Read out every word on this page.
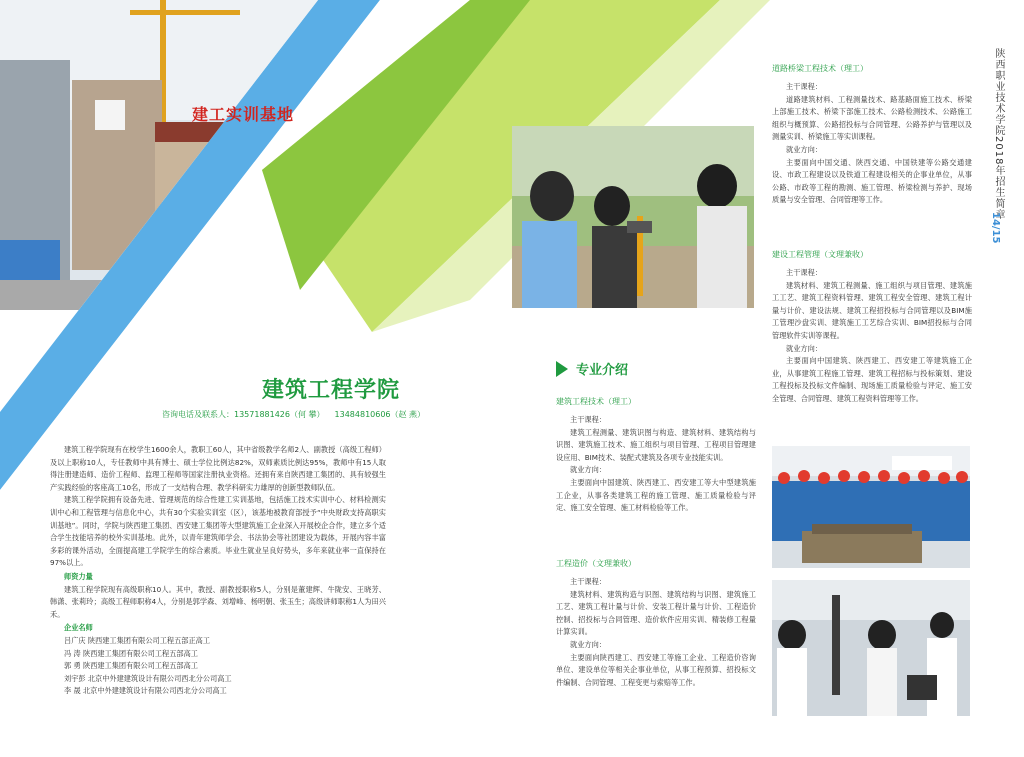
建工实训基地
建筑工程学院
咨询电话及联系人：13571881426（何 攀） 13484810606（赵 燕）

建筑工程学院现有在校学生1600余人，教职工60人，其中省级教学名师2人、副教授（高级工程师）及以上职称10人，专任教师中具有博士、硕士学位比例达82%，双师素质比例达95%，教师中有15人取得注册建造师、造价工程师、监理工程师等国家注册执业资格。还拥有来自陕西建工集团的、具有较强生产实践经验的客座高工10名，形成了一支结构合理、教学科研实力雄厚的创新型教师队伍。

建筑工程学院拥有设备先进、管理规范的综合性建工实训基地，包括施工技术实训中心、材料检测实训中心和工程管理与信息化中心，共有30个实验实训室（区），该基地被教育部授予“中央财政支持高职实训基地”。同时，学院与陕西建工集团、西安建工集团等大型建筑施工企业深入开展校企合作，建立多个适合学生技能培养的校外实训基地。此外，以青年建筑师学会、书法协会等社团建设为载体，开展内容丰富多彩的课外活动，全面提高建工学院学生的综合素质。毕业生就业呈良好势头，多年来就业率一直保持在97%以上。

师资力量

建筑工程学院现有高级职称10人。其中，教授、副教授职称5人，分别是董建辉、牛陇安、王晓芳、韩潇、张莉玲；高级工程师职称4人，分别是郭学森、刘增峰、杨明朝、张玉生；高级讲师职称1人为田兴禾。

企业名师

吕广庆 陕西建工集团有限公司工程五部正高工

冯 涛 陕西建工集团有限公司工程五部高工

郭 勇 陕西建工集团有限公司工程五部高工

刘宇彭 北京中外建建筑设计有限公司西北分公司高工

李 晟 北京中外建建筑设计有限公司西北分公司高工

专业介绍
建筑工程技术（理工）
主干课程：
建筑工程测量、建筑识图与构造、建筑材料、建筑结构与识图、建筑施工技术、施工组织与项目管理、工程项目管理建设应用、BIM技术、装配式建筑及各项专业技能实训。
就业方向：
主要面向中国建筑、陕西建工、西安建工等大中型建筑施工企业，从事各类建筑工程的施工管理、施工质量检验与评定、施工安全管理、施工材料检验等工作。
工程造价（文理兼收）
主干课程：
建筑材料、建筑构造与识图、建筑结构与识图、建筑施工工艺、建筑工程计量与计价、安装工程计量与计价、工程造价控制、招投标与合同管理、造价软件应用实训、精装修工程量计算实训。
就业方向：
主要面向陕西建工、西安建工等施工企业、工程造价咨询单位、建设单位等相关企事业单位，从事工程预算、招投标文件编制、合同管理、工程变更与索赔等工作。
道路桥梁工程技术（理工）
主干课程：
道路建筑材料、工程测量技术、路基路面施工技术、桥梁上部施工技术、桥梁下部施工技术、公路检测技术、公路施工组织与概预算、公路招投标与合同管理、公路养护与管理以及测量实训、桥梁施工等实训课程。
就业方向：
主要面向中国交通、陕西交通、中国铁建等公路交通建设、市政工程建设以及铁道工程建设相关的企事业单位，从事公路、市政等工程的勘测、施工管理、桥梁检测与养护、现场质量与安全管理、合同管理等工作。
建设工程管理（文理兼收）
主干课程：
建筑材料、建筑工程测量、施工组织与项目管理、建筑施工工艺、建筑工程资料管理、建筑工程安全管理、建筑工程计量与计价、建设法规、建筑工程招投标与合同管理以及BIM施工管理沙盘实训、建筑施工工艺综合实训、BIM招投标与合同管理软件实训等课程。
就业方向：
主要面向中国建筑、陕西建工、西安建工等建筑施工企业，从事建筑工程施工管理、建筑工程招标与投标策划、建设工程投标及投标文件编制、现场施工质量检验与评定、施工安全管理、合同管理、建筑工程资料管理等工作。
陕西职业技术学院2018年招生简章
14/15
